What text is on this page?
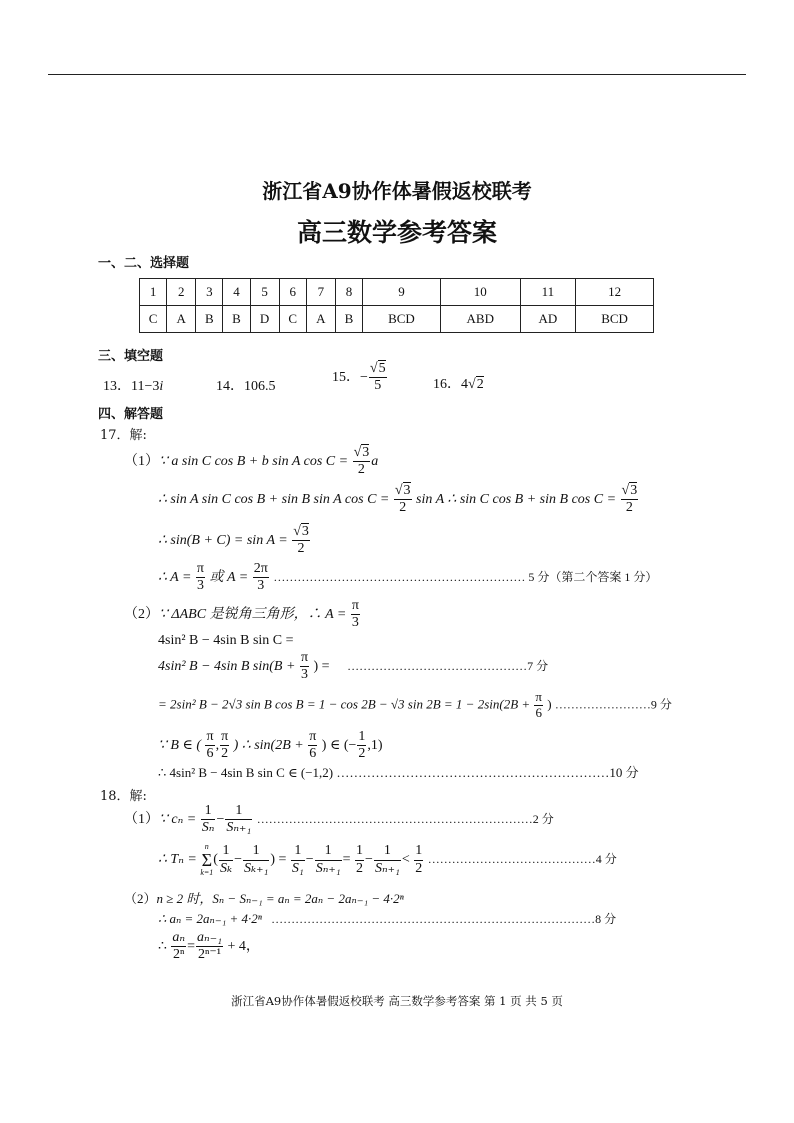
浙江省A9协作体暑假返校联考
高三数学参考答案
一、二、选择题
1	2	3	4	5	6	7	8	9	10	11	12
C	A	B	B	D	C	A	B	BCD	ABD	AD	BCD
三、填空题
13．11−3i	14．106.5
15．− $\frac{√5}{5}$	16．4√2
四、解答题
17．解:
（1）∵ a sin C cos B + b sin A $\cos C = \frac{√3}{2}$ a
∴ sin A sin C cos B + sin B sin A $\cos C = \frac{√3}{2}$ sin A ∴ sin C cos B + sin B $\cos C = \frac{√3}{2}$
∴ $\sin(B + C) = \sin A = \frac{√3}{2}$
∴ $A = \frac{\pi}{3}$ 或 $A = \frac{2\pi}{3}$ ……………………………………………………… 5 分（第二个答案 1 分）
（2）∵ ΔABC 是锐角三角形，∴ $A = \frac{\pi}{3}$
4sin² B − 4sin B sin C =
4sin² B − 4sin B $\sin(B + \frac{\pi}{3}$ ) = ………………………………………7 分
= 2sin² B − 2√3 sin B cos B = 1 − cos 2B − √3 $\sin 2B = 1 - 2\sin(2B + \frac{\pi}{6}$ ) ……………………9 分
∵ B ∈ ( $\frac{\pi}{6}$ , $\frac{\pi}{2}$ ) ∴ $\sin(2B + \frac{\pi}{6}$ ) ∈ (− $\frac{1}{2} ,1$)
∴ 4sin² B − 4sin B sin C ∈ (−1,2) ………………………………………………………10 分
18．解:
（1）∵ $c_n = \frac{1}{\text{Sₙ}} - \frac{1}{\text{Sₙ₊₁}}$ ……………………………………………………………2 分
∴ Tₙ =
n
Σ
k=1
( $\frac{1}{\text{Sₖ}} - \frac{1}{\text{Sₖ₊₁}}$ ) = $\frac{1}{\text{S₁}} - \frac{1}{\text{Sₙ₊₁}} = \frac{1}{2} - \frac{1}{\text{Sₙ₊₁}} < \frac{1}{2}$ ……………………………………4 分
（2）n ≥ 2 时，Sₙ − Sₙ₋₁ = aₙ = 2aₙ − 2aₙ₋₁ − 4·2ⁿ
∴ aₙ = 2aₙ₋₁ + 4·2ⁿ ………………………………………………………………………8 分
∴ $\frac{\text{aₙ}}{\text{2ⁿ}} = \frac{\text{aₙ₋₁}}{\text{2ⁿ⁻¹}} + 4$，
浙江省A9协作体暑假返校联考 高三数学参考答案 第 1 页 共 5 页
